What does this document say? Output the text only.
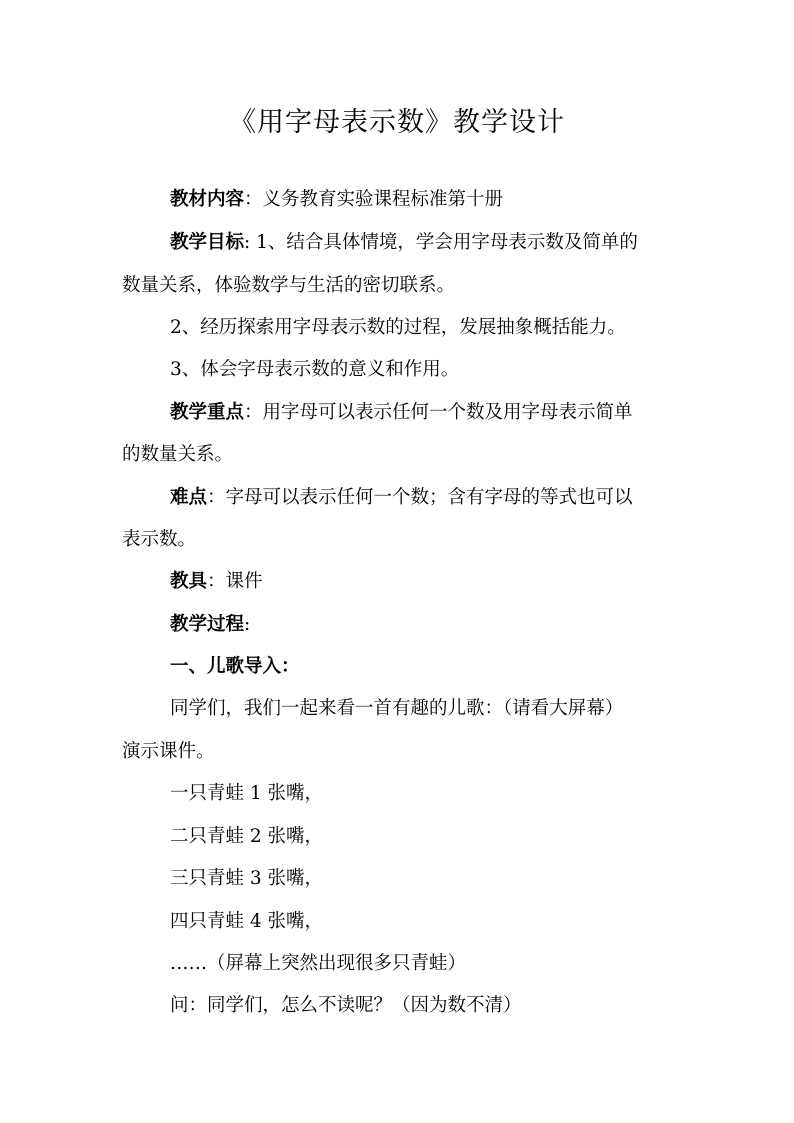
《用字母表示数》教学设计
教材内容：义务教育实验课程标准第十册
教学目标: 1、结合具体情境，学会用字母表示数及简单的
数量关系，体验数学与生活的密切联系。
2、经历探索用字母表示数的过程，发展抽象概括能力。
3、体会字母表示数的意义和作用。
教学重点：用字母可以表示任何一个数及用字母表示简单
的数量关系。
难点：字母可以表示任何一个数；含有字母的等式也可以
表示数。
教具：课件
教学过程:
一、儿歌导入：
同学们，我们一起来看一首有趣的儿歌：（请看大屏幕）
演示课件。
一只青蛙 1 张嘴，
二只青蛙 2 张嘴，
三只青蛙 3 张嘴，
四只青蛙 4 张嘴，
……（屏幕上突然出现很多只青蛙）
问：同学们，怎么不读呢？（因为数不清）
